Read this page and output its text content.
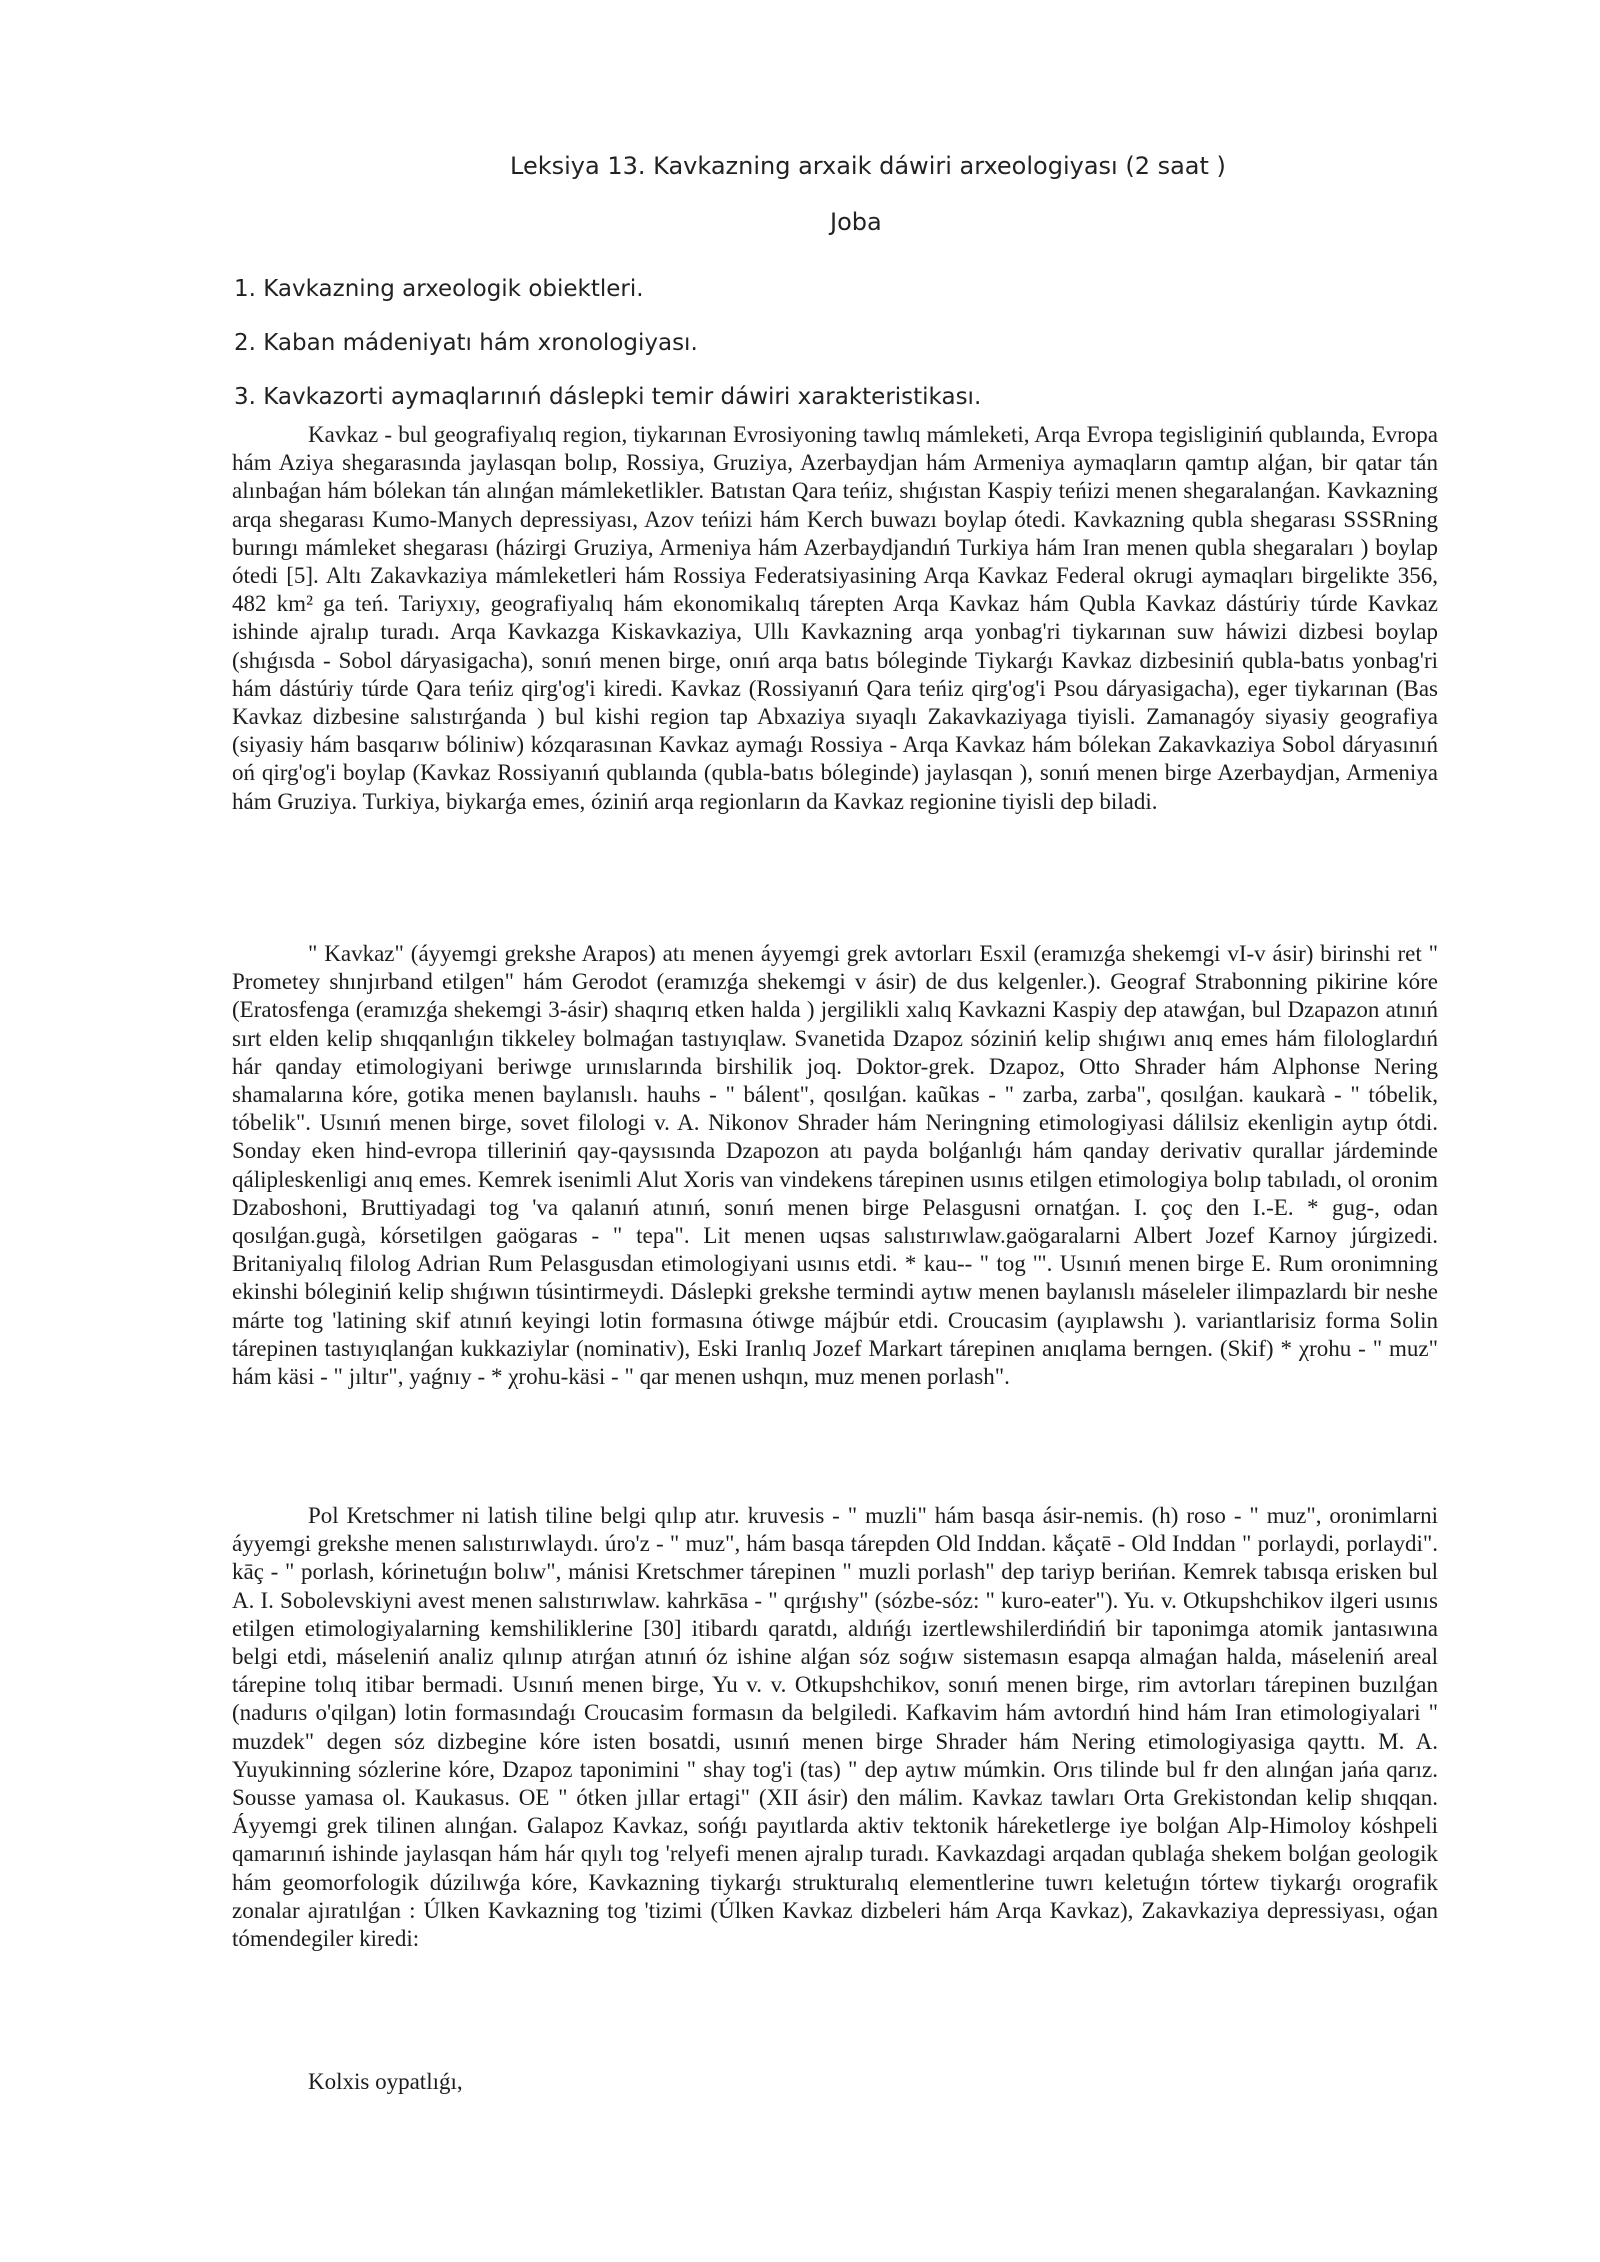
Leksiya 13. Kavkazning arxaik dáwiri arxeologiyası (2 saat )
Joba
1. Kavkazning arxeologik obiektleri.
2. Kaban mádeniyatı hám xronologiyası.
3. Kavkazorti aymaqlarınıń dáslepki temir dáwiri xarakteristikası.

Kavkaz - bul geografiyalıq region, tiykarınan Evrosiyoning tawlıq mámleketi, Arqa Evropa tegisliginiń qublaında, Evropa hám Aziya shegarasında jaylasqan bolıp, Rossiya, Gruziya, Azerbaydjan hám Armeniya aymaqların qamtıp alǵan, bir qatar tán alınbaǵan hám bólekan tán alınǵan mámleketlikler. Batıstan Qara teńiz, shıǵıstan Kaspiy teńizi menen shegaralanǵan. Kavkazning arqa shegarası Kumo-Manych depressiyası, Azov teńizi hám Kerch buwazı boylap ótedi. Kavkazning qubla shegarası SSSRning burıngı mámleket shegarası (házirgi Gruziya, Armeniya hám Azerbaydjandıń Turkiya hám Iran menen qubla shegaraları ) boylap ótedi [5]. Altı Zakavkaziya mámleketleri hám Rossiya Federatsiyasining Arqa Kavkaz Federal okrugi aymaqları birgelikte 356, 482 km² ga teń. Tariyxıy, geografiyalıq hám ekonomikalıq tárepten Arqa Kavkaz hám Qubla Kavkaz dástúriy túrde Kavkaz ishinde ajralıp turadı. Arqa Kavkazga Kiskavkaziya, Ullı Kavkazning arqa yonbag'ri tiykarınan suw háwizi dizbesi boylap (shıǵısda - Sobol dáryasigacha), sonıń menen birge, onıń arqa batıs bóleginde Tiykarǵı Kavkaz dizbesiniń qubla-batıs yonbag'ri hám dástúriy túrde Qara teńiz qirg'og'i kiredi. Kavkaz (Rossiyanıń Qara teńiz qirg'og'i Psou dáryasigacha), eger tiykarınan (Bas Kavkaz dizbesine salıstırǵanda ) bul kishi region tap Abxaziya sıyaqlı Zakavkaziyaga tiyisli. Zamanagóy siyasiy geografiya (siyasiy hám basqarıw bóliniw) kózqarasınan Kavkaz aymaǵı Rossiya - Arqa Kavkaz hám bólekan Zakavkaziya Sobol dáryasınıń oń qirg'og'i boylap (Kavkaz Rossiyanıń qublaında (qubla-batıs bóleginde) jaylasqan ), sonıń menen birge Azerbaydjan, Armeniya hám Gruziya. Turkiya, biykarǵa emes, óziniń arqa regionların da Kavkaz regionine tiyisli dep biladi.

" Kavkaz" (áyyemgi grekshe Arapos) atı menen áyyemgi grek avtorları Esxil (eramızǵa shekemgi vI-v ásir) birinshi ret " Prometey shınjırband etilgen" hám Gerodot (eramızǵa shekemgi v ásir) de dus kelgenler.). Geograf Strabonning pikirine kóre (Eratosfenga (eramızǵa shekemgi 3-ásir) shaqırıq etken halda ) jergilikli xalıq Kavkazni Kaspiy dep atawǵan, bul Dzapazon atınıń sırt elden kelip shıqqanlıǵın tikkeley bolmaǵan tastıyıqlaw. Svanetida Dzapoz sóziniń kelip shıǵıwı anıq emes hám filologlardıń hár qanday etimologiyani beriwge urınıslarında birshilik joq. Doktor-grek. Dzapoz, Otto Shrader hám Alphonse Nering shamalarına kóre, gotika menen baylanıslı. hauhs - " bálent", qosılǵan. kaũkas - " zarba, zarba", qosılǵan. kaukarà - " tóbelik, tóbelik". Usınıń menen birge, sovet filologi v. A. Nikonov Shrader hám Neringning etimologiyasi dálilsiz ekenligin aytıp ótdi. Sonday eken hind-evropa tilleriniń qay-qaysısında Dzapozon atı payda bolǵanlıǵı hám qanday derivativ qurallar járdeminde qálipleskenligi anıq emes. Kemrek isenimli Alut Xoris van vindekens tárepinen usınıs etilgen etimologiya bolıp tabıladı, ol oronim Dzaboshoni, Bruttiyadagi tog 'va qalanıń atınıń, sonıń menen birge Pelasgusni ornatǵan. I. çoç den I.-E. * gug-, odan qosılǵan.gugà, kórsetilgen gaögaras - " tepa". Lit menen uqsas salıstırıwlaw.gaögaralarni Albert Jozef Karnoy júrgizedi. Britaniyalıq filolog Adrian Rum Pelasgusdan etimologiyani usınıs etdi. * kau-- " tog '". Usınıń menen birge E. Rum oronimning ekinshi bóleginiń kelip shıǵıwın túsintirmeydi. Dáslepki grekshe termindi aytıw menen baylanıslı máseleler ilimpazlardı bir neshe márte tog 'latining skif atınıń keyingi lotin formasına ótiwge májbúr etdi. Croucasim (ayıplawshı ). variantlarisiz forma Solin tárepinen tastıyıqlanǵan kukkaziylar (nominativ), Eski Iranlıq Jozef Markart tárepinen anıqlama berngen. (Skif) * χrohu - " muz" hám käsi - " jıltır", yaǵnıy - * χrohu-käsi - " qar menen ushqın, muz menen porlash".

Pol Kretschmer ni latish tiline belgi qılıp atır. kruvesis - " muzli" hám basqa ásir-nemis. (h) roso - " muz", oronimlarni áyyemgi grekshe menen salıstırıwlaydı. úro'z - " muz", hám basqa tárepden Old Inddan. kắçatē - Old Inddan " porlaydi, porlaydi". kāç - " porlash, kórinetuǵın bolıw", mánisi Kretschmer tárepinen " muzli porlash" dep tariyp berińan. Kemrek tabısqa erisken bul A. I. Sobolevskiyni avest menen salıstırıwlaw. kahrkāsa - " qırǵıshy" (sózbe-sóz: " kuro-eater"). Yu. v. Otkupshchikov ilgeri usınıs etilgen etimologiyalarning kemshiliklerine [30] itibardı qaratdı, aldıńǵı izertlewshilerdińdiń bir taponimga atomik jantasıwına belgi etdi, máseleniń analiz qılınıp atırǵan atınıń óz ishine alǵan sóz soǵıw sistemasın esapqa almaǵan halda, máseleniń areal tárepine tolıq itibar bermadi. Usınıń menen birge, Yu v. v. Otkupshchikov, sonıń menen birge, rim avtorları tárepinen buzılǵan (nadurıs o'qilgan) lotin formasındaǵı Croucasim formasın da belgiledi. Kafkavim hám avtordıń hind hám Iran etimologiyalari " muzdek" degen sóz dizbegine kóre isten bosatdi, usınıń menen birge Shrader hám Nering etimologiyasiga qayttı. M. A. Yuyukinning sózlerine kóre, Dzapoz taponimini " shay tog'i (tas) " dep aytıw múmkin. Orıs tilinde bul fr den alınǵan jańa qarız. Sousse yamasa ol. Kaukasus. OE " ótken jıllar ertagi" (XII ásir) den málim. Kavkaz tawları Orta Grekistondan kelip shıqqan. Áyyemgi grek tilinen alınǵan. Galapoz Kavkaz, sońǵı payıtlarda aktiv tektonik háreketlerge iye bolǵan Alp-Himoloy kóshpeli qamarınıń ishinde jaylasqan hám hár qıylı tog 'relyefi menen ajralıp turadı. Kavkazdagi arqadan qublaǵa shekem bolǵan geologik hám geomorfologik dúzilıwǵa kóre, Kavkazning tiykarǵı strukturalıq elementlerine tuwrı keletuǵın tórtew tiykarǵı orografik zonalar ajıratılǵan : Úlken Kavkazning tog 'tizimi (Úlken Kavkaz dizbeleri hám Arqa Kavkaz), Zakavkaziya depressiyası, oǵan tómendegiler kiredi:

Kolxis oypatlıǵı,
